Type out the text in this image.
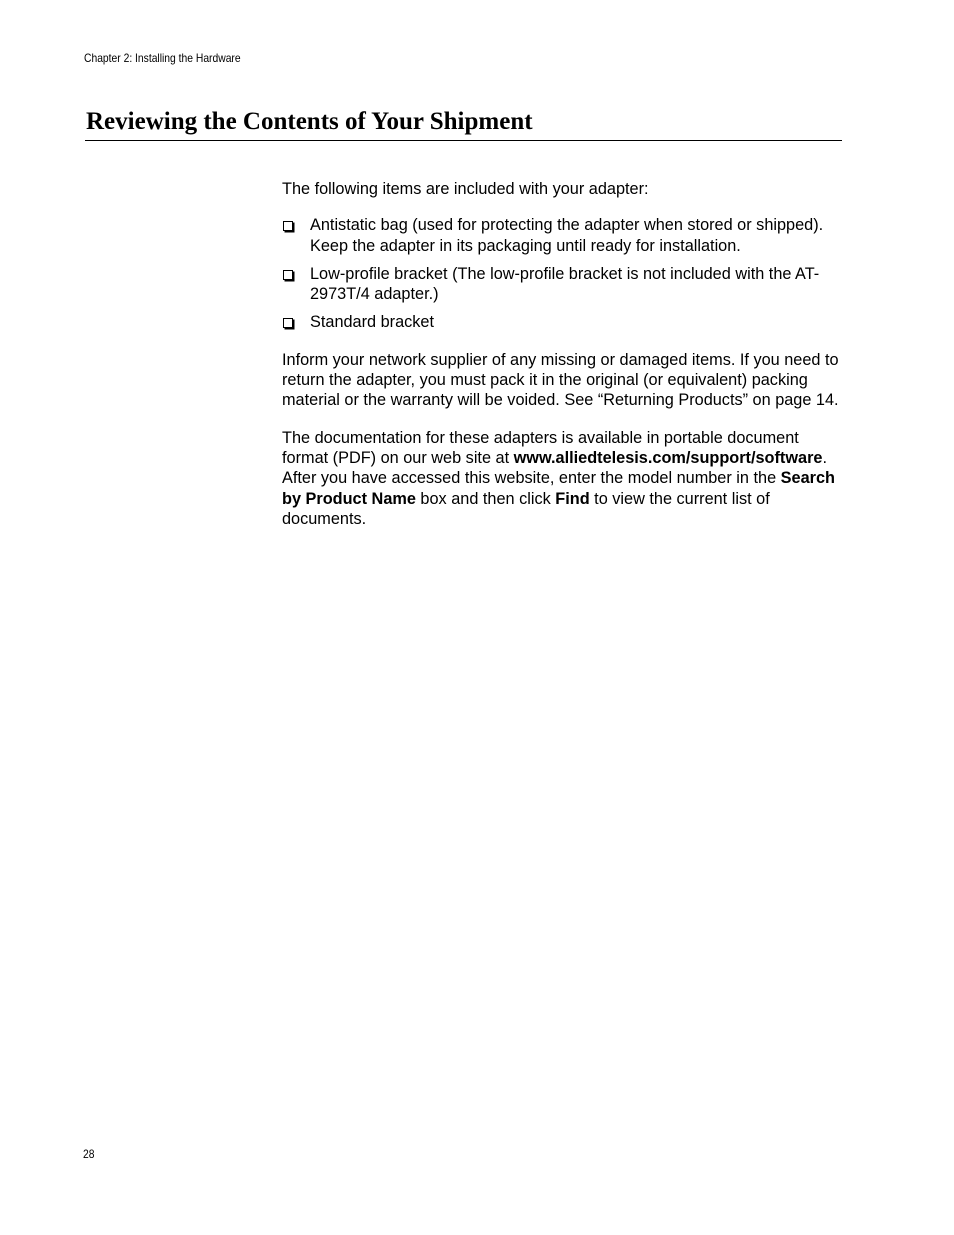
Chapter 2: Installing the Hardware
Reviewing the Contents of Your Shipment

The following items are included with your adapter:

Antistatic bag (used for protecting the adapter when stored or shipped). Keep the adapter in its packaging until ready for installation.
Low-profile bracket (The low-profile bracket is not included with the AT-2973T/4 adapter.)
Standard bracket

Inform your network supplier of any missing or damaged items. If you need to return the adapter, you must pack it in the original (or equivalent) packing material or the warranty will be voided. See “Returning Products” on page 14.

The documentation for these adapters is available in portable document format (PDF) on our web site at www.alliedtelesis.com/support/software. After you have accessed this website, enter the model number in the Search by Product Name box and then click Find to view the current list of documents.

28
